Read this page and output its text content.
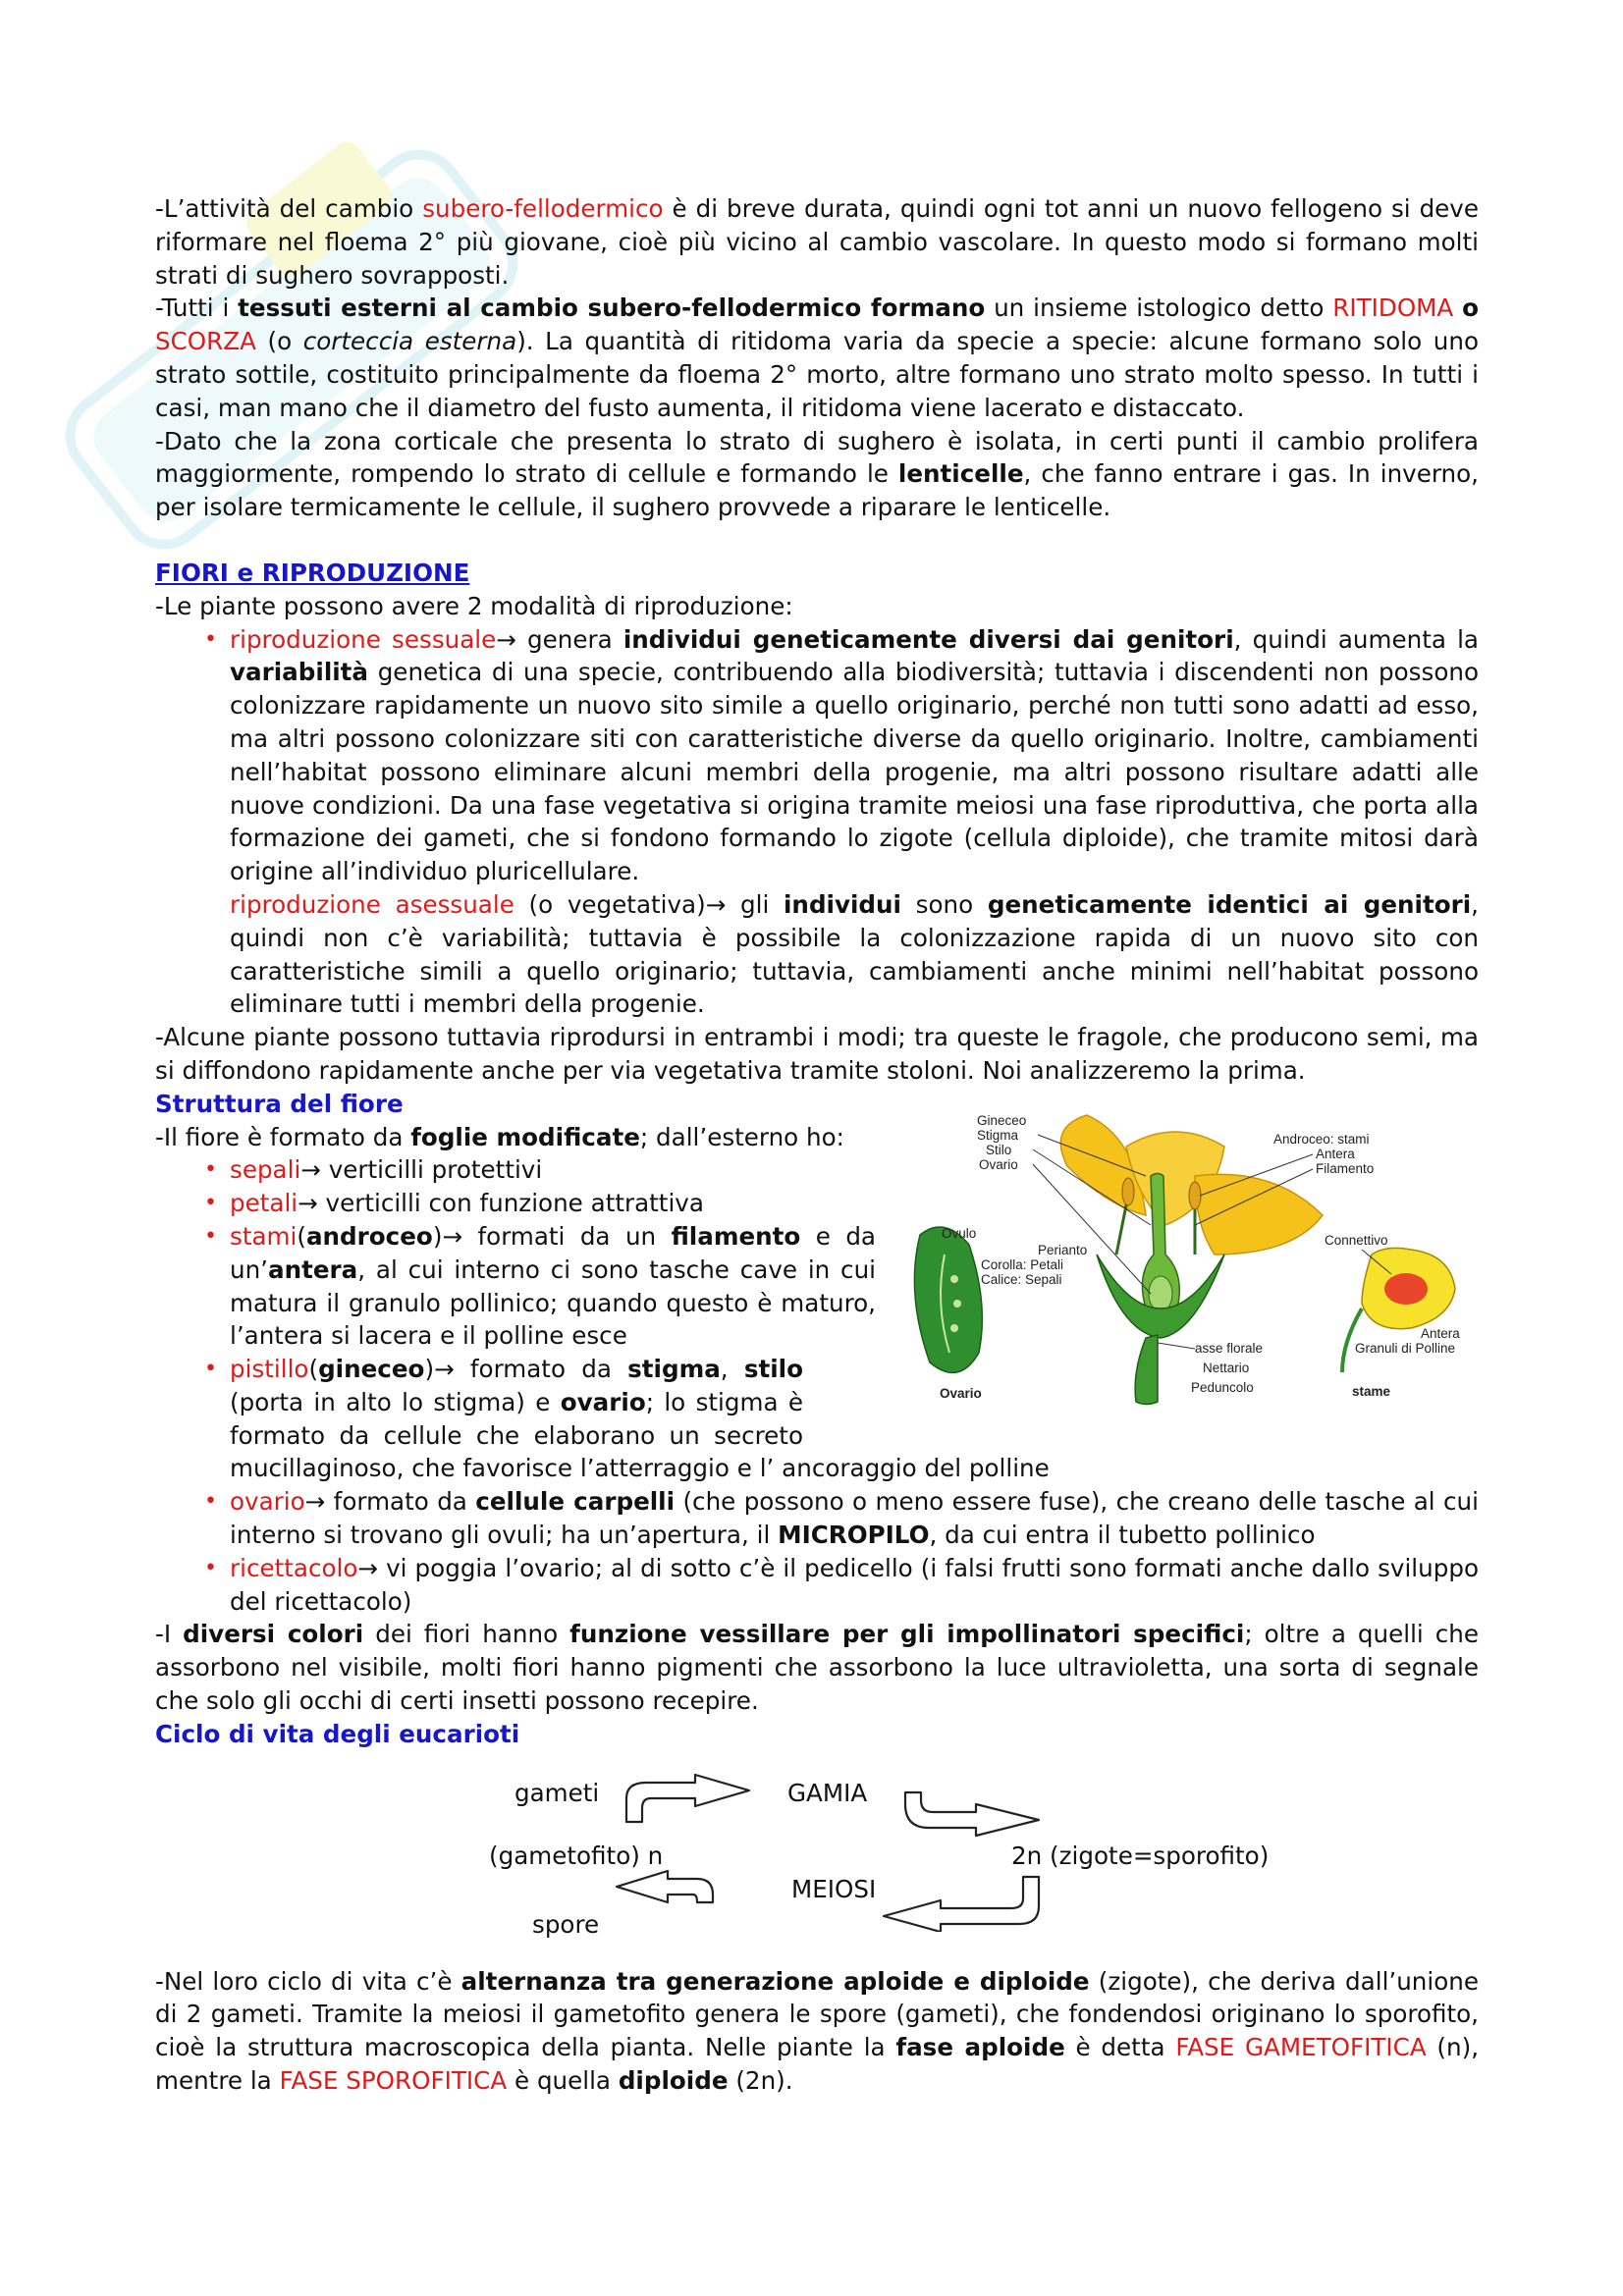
-L’attività del cambio subero-fellodermico è di breve durata, quindi ogni tot anni un nuovo fellogeno si deve riformare nel floema 2° più giovane, cioè più vicino al cambio vascolare. In questo modo si formano molti strati di sughero sovrapposti.

-Tutti i tessuti esterni al cambio subero-fellodermico formano un insieme istologico detto RITIDOMA o SCORZA (o corteccia esterna). La quantità di ritidoma varia da specie a specie: alcune formano solo uno strato sottile, costituito principalmente da floema 2° morto, altre formano uno strato molto spesso. In tutti i casi, man mano che il diametro del fusto aumenta, il ritidoma viene lacerato e distaccato.

-Dato che la zona corticale che presenta lo strato di sughero è isolata, in certi punti il cambio prolifera maggiormente, rompendo lo strato di cellule e formando le lenticelle, che fanno entrare i gas. In inverno, per isolare termicamente le cellule, il sughero provvede a riparare le lenticelle.

FIORI e RIPRODUZIONE

-Le piante possono avere 2 modalità di riproduzione:

• riproduzione sessuale→ genera individui geneticamente diversi dai genitori, quindi aumenta la variabilità genetica di una specie, contribuendo alla biodiversità; tuttavia i discendenti non possono colonizzare rapidamente un nuovo sito simile a quello originario, perché non tutti sono adatti ad esso, ma altri possono colonizzare siti con caratteristiche diverse da quello originario. Inoltre, cambiamenti nell’habitat possono eliminare alcuni membri della progenie, ma altri possono risultare adatti alle nuove condizioni. Da una fase vegetativa si origina tramite meiosi una fase riproduttiva, che porta alla formazione dei gameti, che si fondono formando lo zigote (cellula diploide), che tramite mitosi darà origine all’individuo pluricellulare.
riproduzione asessuale (o vegetativa)→ gli individui sono geneticamente identici ai genitori, quindi non c’è variabilità; tuttavia è possibile la colonizzazione rapida di un nuovo sito con caratteristiche simili a quello originario; tuttavia, cambiamenti anche minimi nell’habitat possono eliminare tutti i membri della progenie.

-Alcune piante possono tuttavia riprodursi in entrambi i modi; tra queste le fragole, che producono semi, ma si diffondono rapidamente anche per via vegetativa tramite stoloni. Noi analizzeremo la prima.

Struttura del fiore

-Il fiore è formato da foglie modificate; dall’esterno ho:

• sepali→ verticilli protettivi
• petali→ verticilli con funzione attrattiva
• stami(androceo)→ formati da un filamento e da un’antera, al cui interno ci sono tasche cave in cui matura il granulo pollinico; quando questo è maturo, l’antera si lacera e il polline esce
• pistillo(gineceo)→ formato da stigma, stilo (porta in alto lo stigma) e ovario; lo stigma è formato da cellule che elaborano un secreto mucillaginoso, che favorisce l’atterraggio e l’ ancoraggio del polline
• ovario→ formato da cellule carpelli (che possono o meno essere fuse), che creano delle tasche al cui interno si trovano gli ovuli; ha un’apertura, il MICROPILO, da cui entra il tubetto pollinico
• ricettacolo→ vi poggia l’ovario; al di sotto c’è il pedicello (i falsi frutti sono formati anche dallo sviluppo del ricettacolo)

-I diversi colori dei fiori hanno funzione vessillare per gli impollinatori specifici; oltre a quelli che assorbono nel visibile, molti fiori hanno pigmenti che assorbono la luce ultravioletta, una sorta di segnale che solo gli occhi di certi insetti possono recepire.

Ciclo di vita degli eucarioti

gameti	GAMIA
(gametofito) n	2n (zigote=sporofito)
MEIOSI
spore

-Nel loro ciclo di vita c’è alternanza tra generazione aploide e diploide (zigote), che deriva dall’unione di 2 gameti. Tramite la meiosi il gametofito genera le spore (gameti), che fondendosi originano lo sporofito, cioè la struttura macroscopica della pianta. Nelle piante la fase aploide è detta FASE GAMETOFITICA (n), mentre la FASE SPOROFITICA è quella diploide (2n).

Gineceo
Stigma
Stilo
Ovario
Androceo: stami
Antera
Filamento
Ovulo
Perianto
Corolla: Petali
Calice: Sepali
Connettivo
Antera
Granuli di Polline
asse florale
Nettario
Peduncolo
Ovario	stame
